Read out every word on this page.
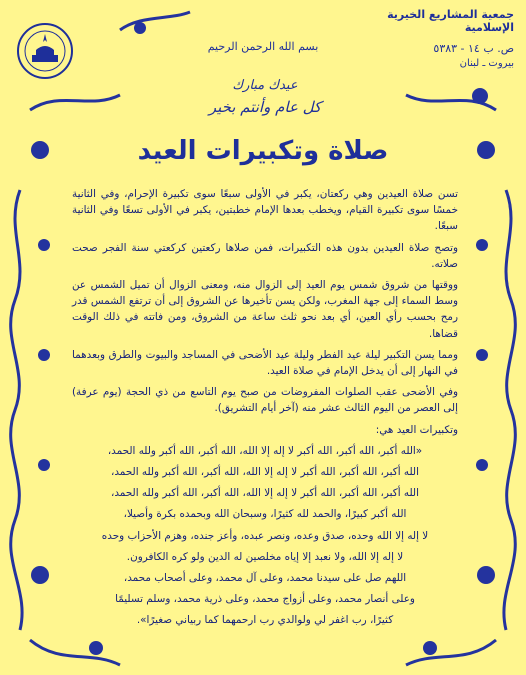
جمعية المشاريع الخيرية الإسلامية
ص. ب ١٤ - ٥٣٨٣
بيروت ـ لبنان
بسم الله الرحمن الرحيم
عيدك مبارك
كل عام وأنتم بخير
صلاة وتكبيرات العيد

تسن صلاة العيدين وهي ركعتان، يكبر في الأولى سبعًا سوى تكبيرة الإحرام، وفي الثانية خمسًا سوى تكبيرة القيام، ويخطب بعدها الإمام خطبتين، يكبر في الأولى تسعًا وفي الثانية سبعًا.

وتصح صلاة العيدين بدون هذه التكبيرات، فمن صلاها ركعتين كركعتي سنة الفجر صحت صلاته.

ووقتها من شروق شمس يوم العيد إلى الزوال منه، ومعنى الزوال أن تميل الشمس عن وسط السماء إلى جهة المغرب، ولكن يسن تأخيرها عن الشروق إلى أن ترتفع الشمس قدر رمح بحسب رأي العين، أي بعد نحو ثلث ساعة من الشروق، ومن فاتته في ذلك الوقت قضاها.

ومما يسن التكبير ليلة عيد الفطر وليلة عيد الأضحى في المساجد والبيوت والطرق وبعدهما في النهار إلى أن يدخل الإمام في صلاة العيد.

وفي الأضحى عقب الصلوات المفروضات من صبح يوم التاسع من ذي الحجة (يوم عرفة) إلى العصر من اليوم الثالث عشر منه (آخر أيام التشريق).

وتكبيرات العيد هي:

«الله أكبر، الله أكبر، الله أكبر لا إله إلا الله، الله أكبر، الله أكبر ولله الحمد،

الله أكبر، الله أكبر، الله أكبر لا إله إلا الله، الله أكبر، الله أكبر ولله الحمد،

الله أكبر، الله أكبر، الله أكبر لا إله إلا الله، الله أكبر، الله أكبر ولله الحمد،

الله أكبر كبيرًا، والحمد لله كثيرًا، وسبحان الله وبحمده بكرة وأصيلا،

لا إله إلا الله وحده، صدق وعده، ونصر عبده، وأعز جنده، وهزم الأحزاب وحده

لا إله إلا الله، ولا نعبد إلا إياه مخلصين له الدين ولو كره الكافرون.

اللهم صل على سيدنا محمد، وعلى آل محمد، وعلى أصحاب محمد،

وعلى أنصار محمد، وعلى أزواج محمد، وعلى ذرية محمد، وسلم تسليمًا

كثيرًا، رب اغفر لي ولوالدي رب ارحمهما كما ربياني صغيرًا».
